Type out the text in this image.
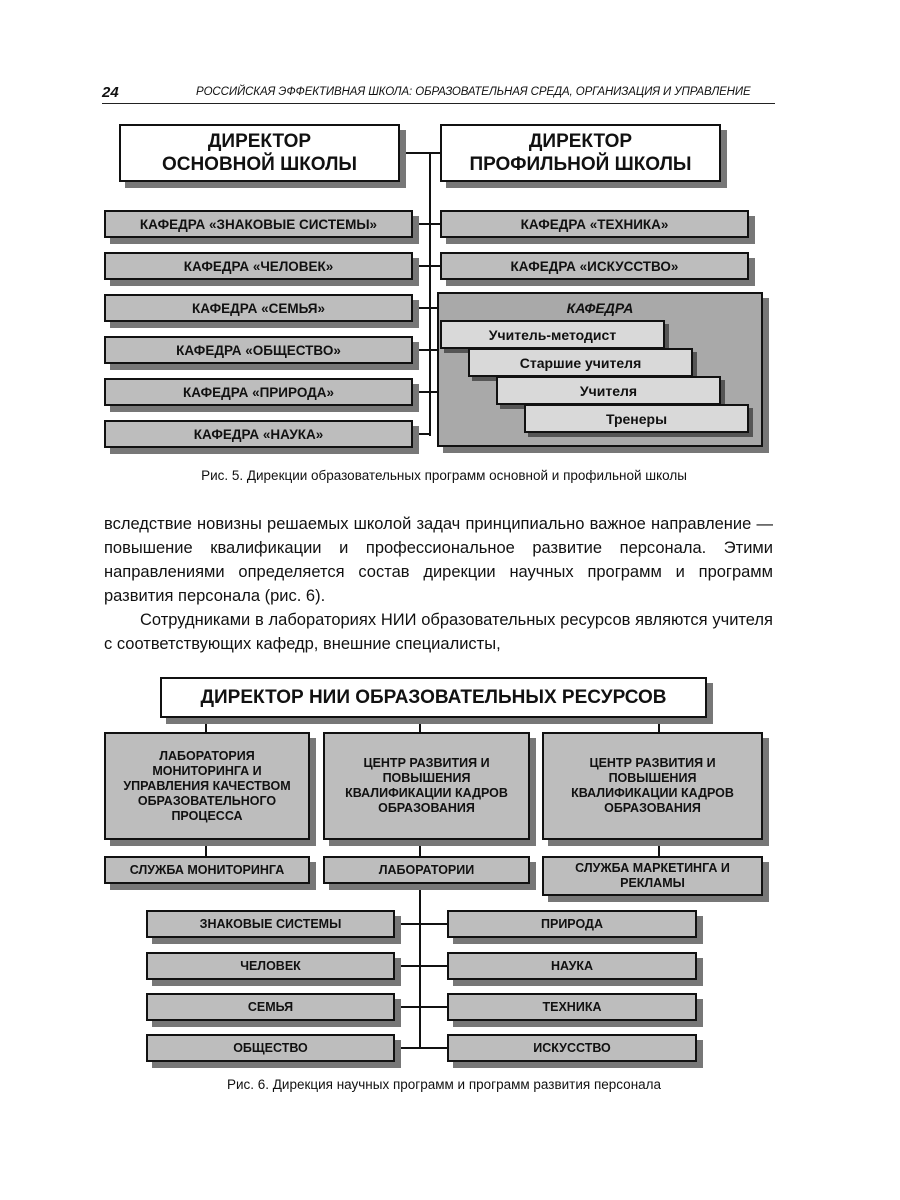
24	РОССИЙСКАЯ ЭФФЕКТИВНАЯ ШКОЛА: ОБРАЗОВАТЕЛЬНАЯ СРЕДА, ОРГАНИЗАЦИЯ И УПРАВЛЕНИЕ
ДИРЕКТОР ОСНОВНОЙ ШКОЛЫ
ДИРЕКТОР ПРОФИЛЬНОЙ ШКОЛЫ
КАФЕДРА «ЗНАКОВЫЕ СИСТЕМЫ»
КАФЕДРА «ЧЕЛОВЕК»
КАФЕДРА «СЕМЬЯ»
КАФЕДРА «ОБЩЕСТВО»
КАФЕДРА «ПРИРОДА»
КАФЕДРА «НАУКА»
КАФЕДРА «ТЕХНИКА»
КАФЕДРА «ИСКУССТВО»
КАФЕДРА
Учитель-методист
Старшие учителя
Учителя
Тренеры
Рис. 5. Дирекции образовательных программ основной и профильной школы
вследствие новизны решаемых школой задач принципиально важное направление — повышение квалификации и профессиональное развитие персонала. Этими направлениями определяется состав дирекции научных программ и программ развития персонала (рис. 6).
Сотрудниками в лабораториях НИИ образовательных ресурсов являются учителя с соответствующих кафедр, внешние специалисты,
ДИРЕКТОР НИИ ОБРАЗОВАТЕЛЬНЫХ РЕСУРСОВ
ЛАБОРАТОРИЯ МОНИТОРИНГА И УПРАВЛЕНИЯ КАЧЕСТВОМ ОБРАЗОВАТЕЛЬНОГО ПРОЦЕССА
ЦЕНТР РАЗВИТИЯ И ПОВЫШЕНИЯ КВАЛИФИКАЦИИ КАДРОВ ОБРАЗОВАНИЯ
ЦЕНТР РАЗВИТИЯ И ПОВЫШЕНИЯ КВАЛИФИКАЦИИ КАДРОВ ОБРАЗОВАНИЯ
СЛУЖБА МОНИТОРИНГА	ЛАБОРАТОРИИ	СЛУЖБА МАРКЕТИНГА И РЕКЛАМЫ
ЗНАКОВЫЕ СИСТЕМЫ
ЧЕЛОВЕК
СЕМЬЯ
ОБЩЕСТВО
ПРИРОДА
НАУКА
ТЕХНИКА
ИСКУССТВО
Рис. 6. Дирекция научных программ и программ развития персонала
